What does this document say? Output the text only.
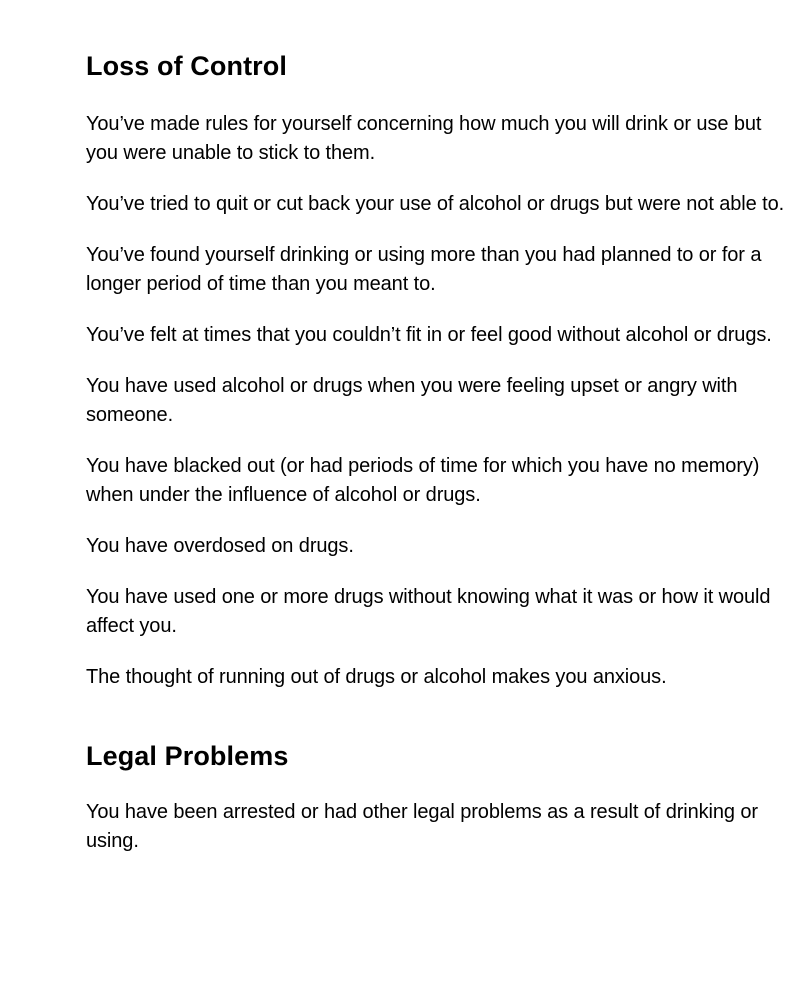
Loss of Control

You’ve made rules for yourself concerning how much you will drink or use but you were unable to stick to them.

You’ve tried to quit or cut back your use of alcohol or drugs but were not able to.

You’ve found yourself drinking or using more than you had planned to or for a longer period of time than you meant to.

You’ve felt at times that you couldn’t fit in or feel good without alcohol or drugs.

You have used alcohol or drugs when you were feeling upset or angry with someone.

You have blacked out (or had periods of time for which you have no memory) when under the influence of alcohol or drugs.

You have overdosed on drugs.

You have used one or more drugs without knowing what it was or how it would affect you.

The thought of running out of drugs or alcohol makes you anxious.

Legal Problems

You have been arrested or had other legal problems as a result of drinking or using.
